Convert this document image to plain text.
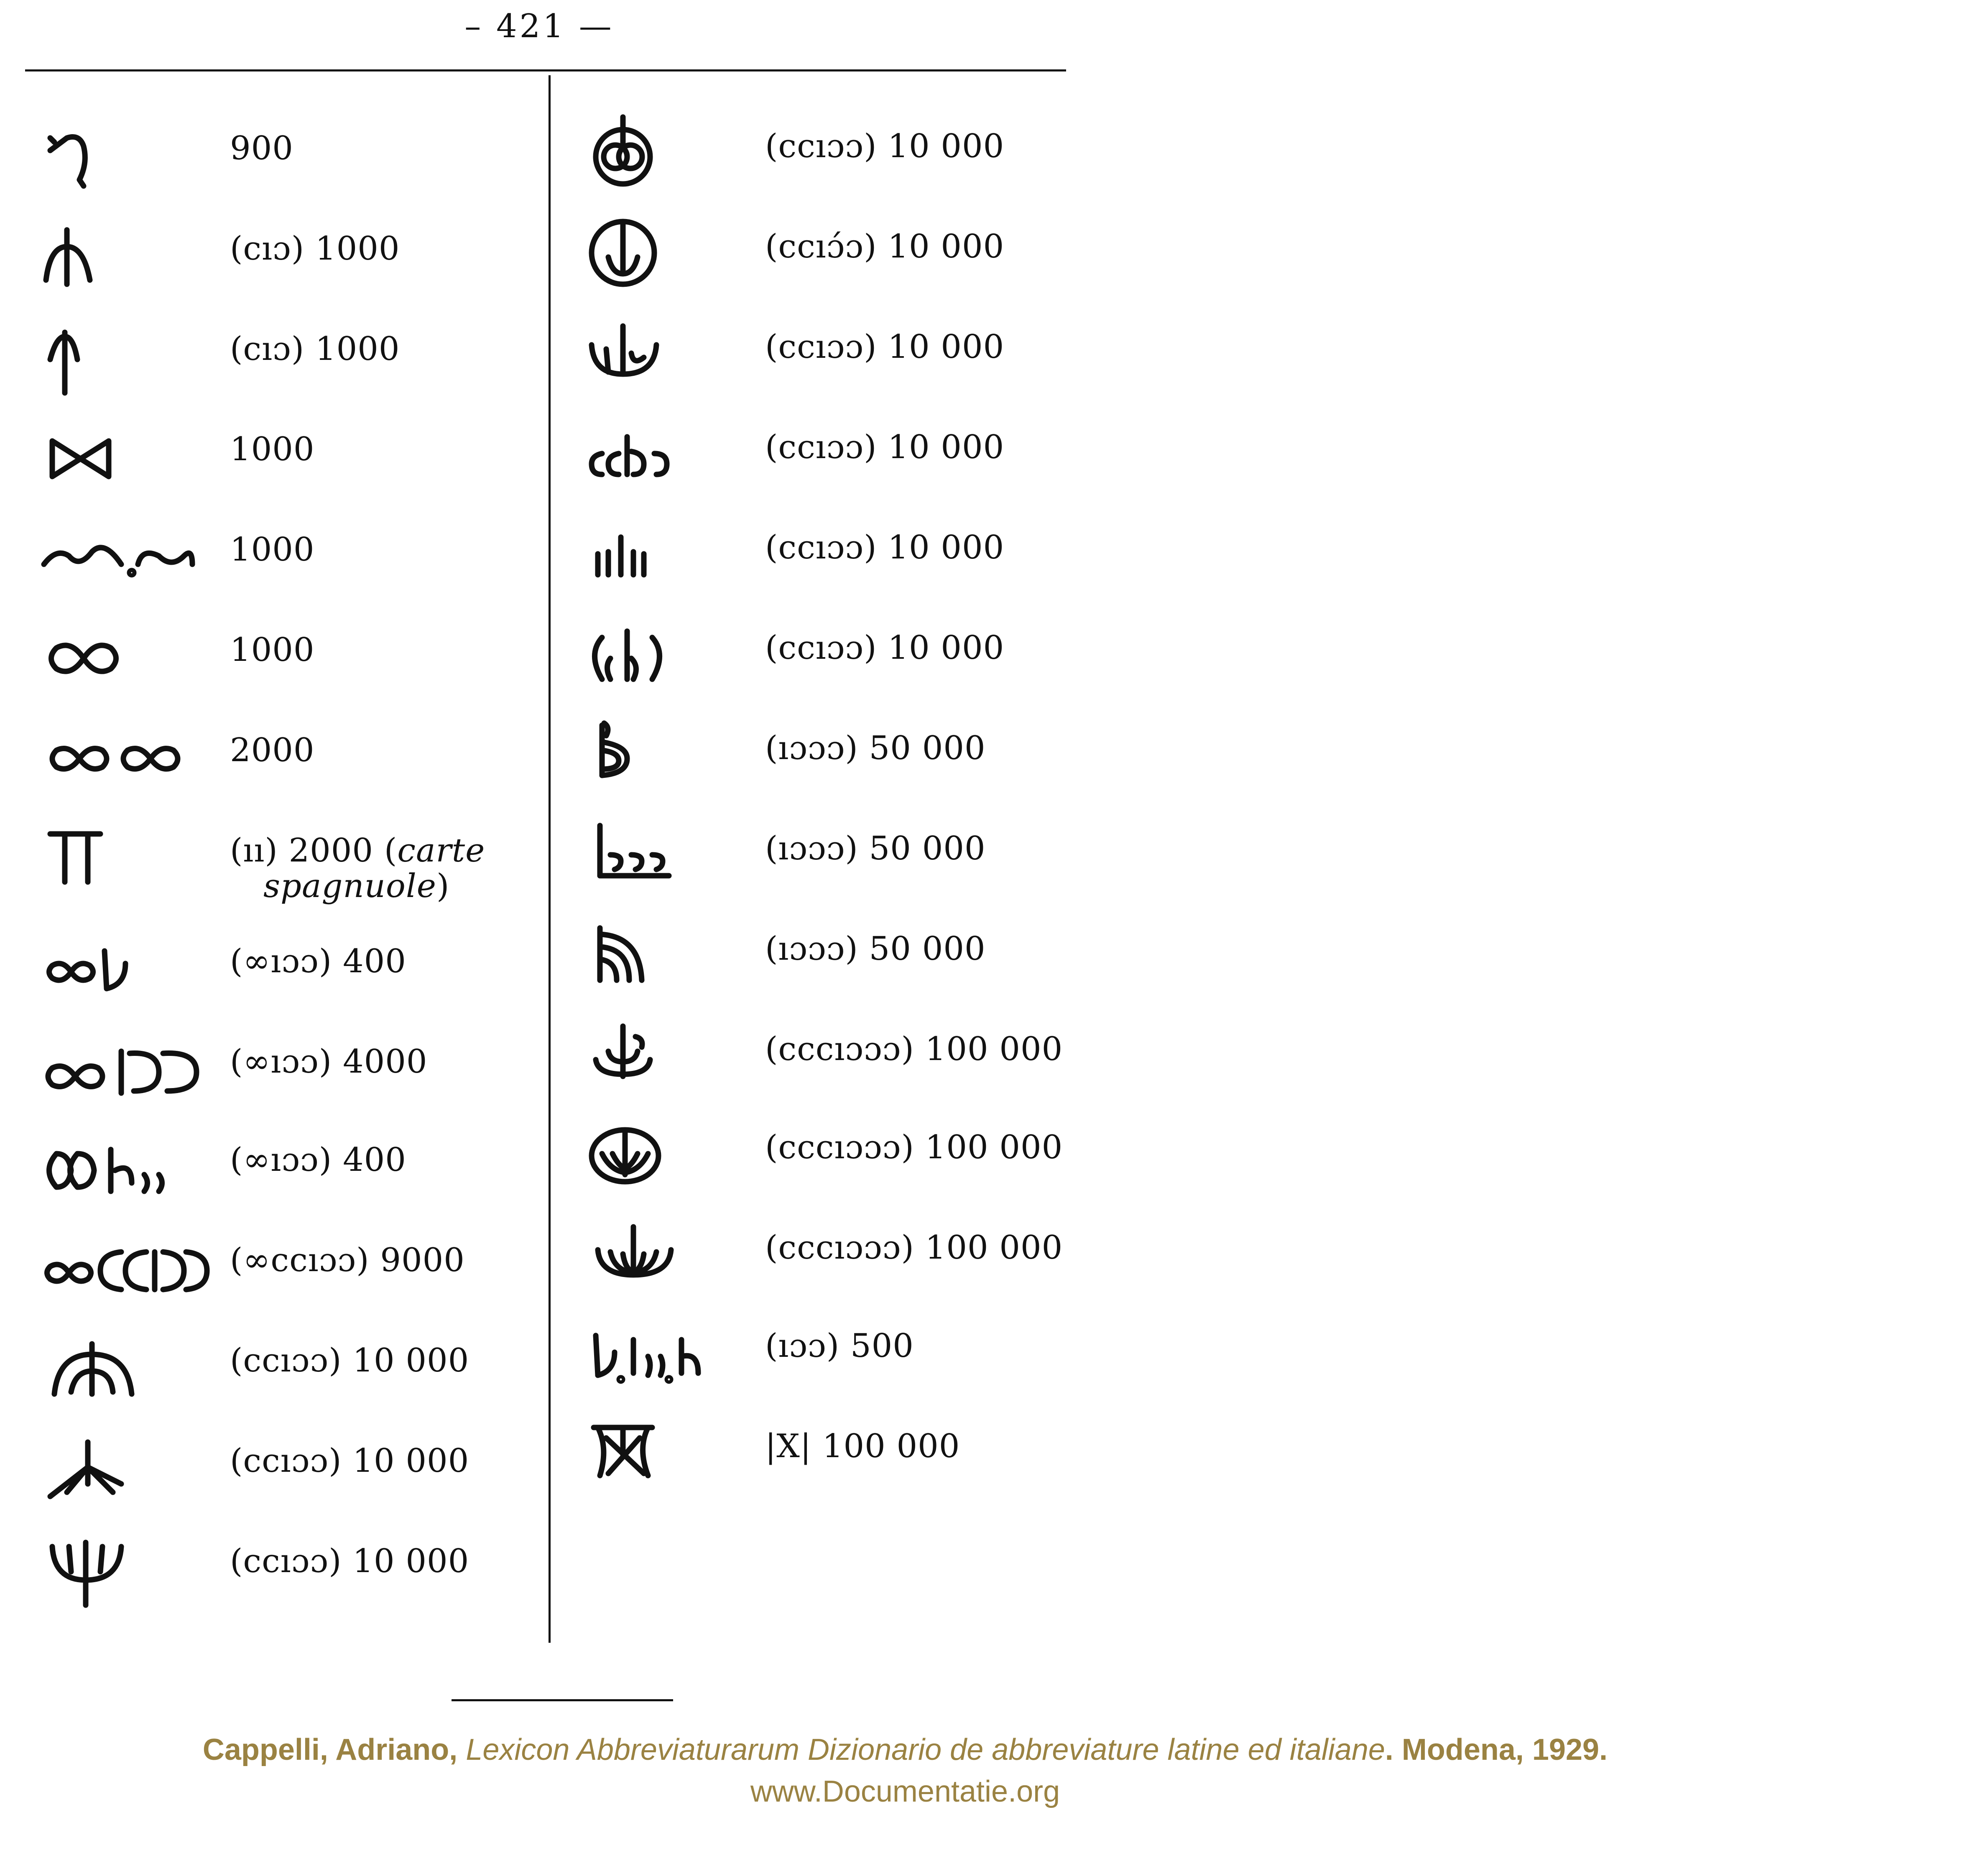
– 421 —
900
(cıɔ) 1000
(cıɔ) 1000
1000
1000
1000
2000
(ıı) 2000 (carte
spagnuole)
(∞ıɔɔ) 400
(∞ıɔɔ) 4000
(∞ıɔɔ) 400
(∞ccıɔɔ) 9000
(ccıɔɔ) 10 000
(ccıɔɔ) 10 000
(ccıɔɔ) 10 000
(ccıɔɔ) 10 000
(ccıɔ́ɔ) 10 000
(ccıɔɔ) 10 000
(ccıɔɔ) 10 000
(ccıɔɔ) 10 000
(ccıɔɔ) 10 000
(ıɔɔɔ) 50 000
(ıɔɔɔ) 50 000
(ıɔɔɔ) 50 000
(cccıɔɔɔ) 100 000
(cccıɔɔɔ) 100 000
(cccıɔɔɔ) 100 000
(ıɔɔ) 500
|X| 100 000
Cappelli, Adriano, Lexicon Abbreviaturarum Dizionario de abbreviature latine ed italiane. Modena, 1929.
www.Documentatie.org
